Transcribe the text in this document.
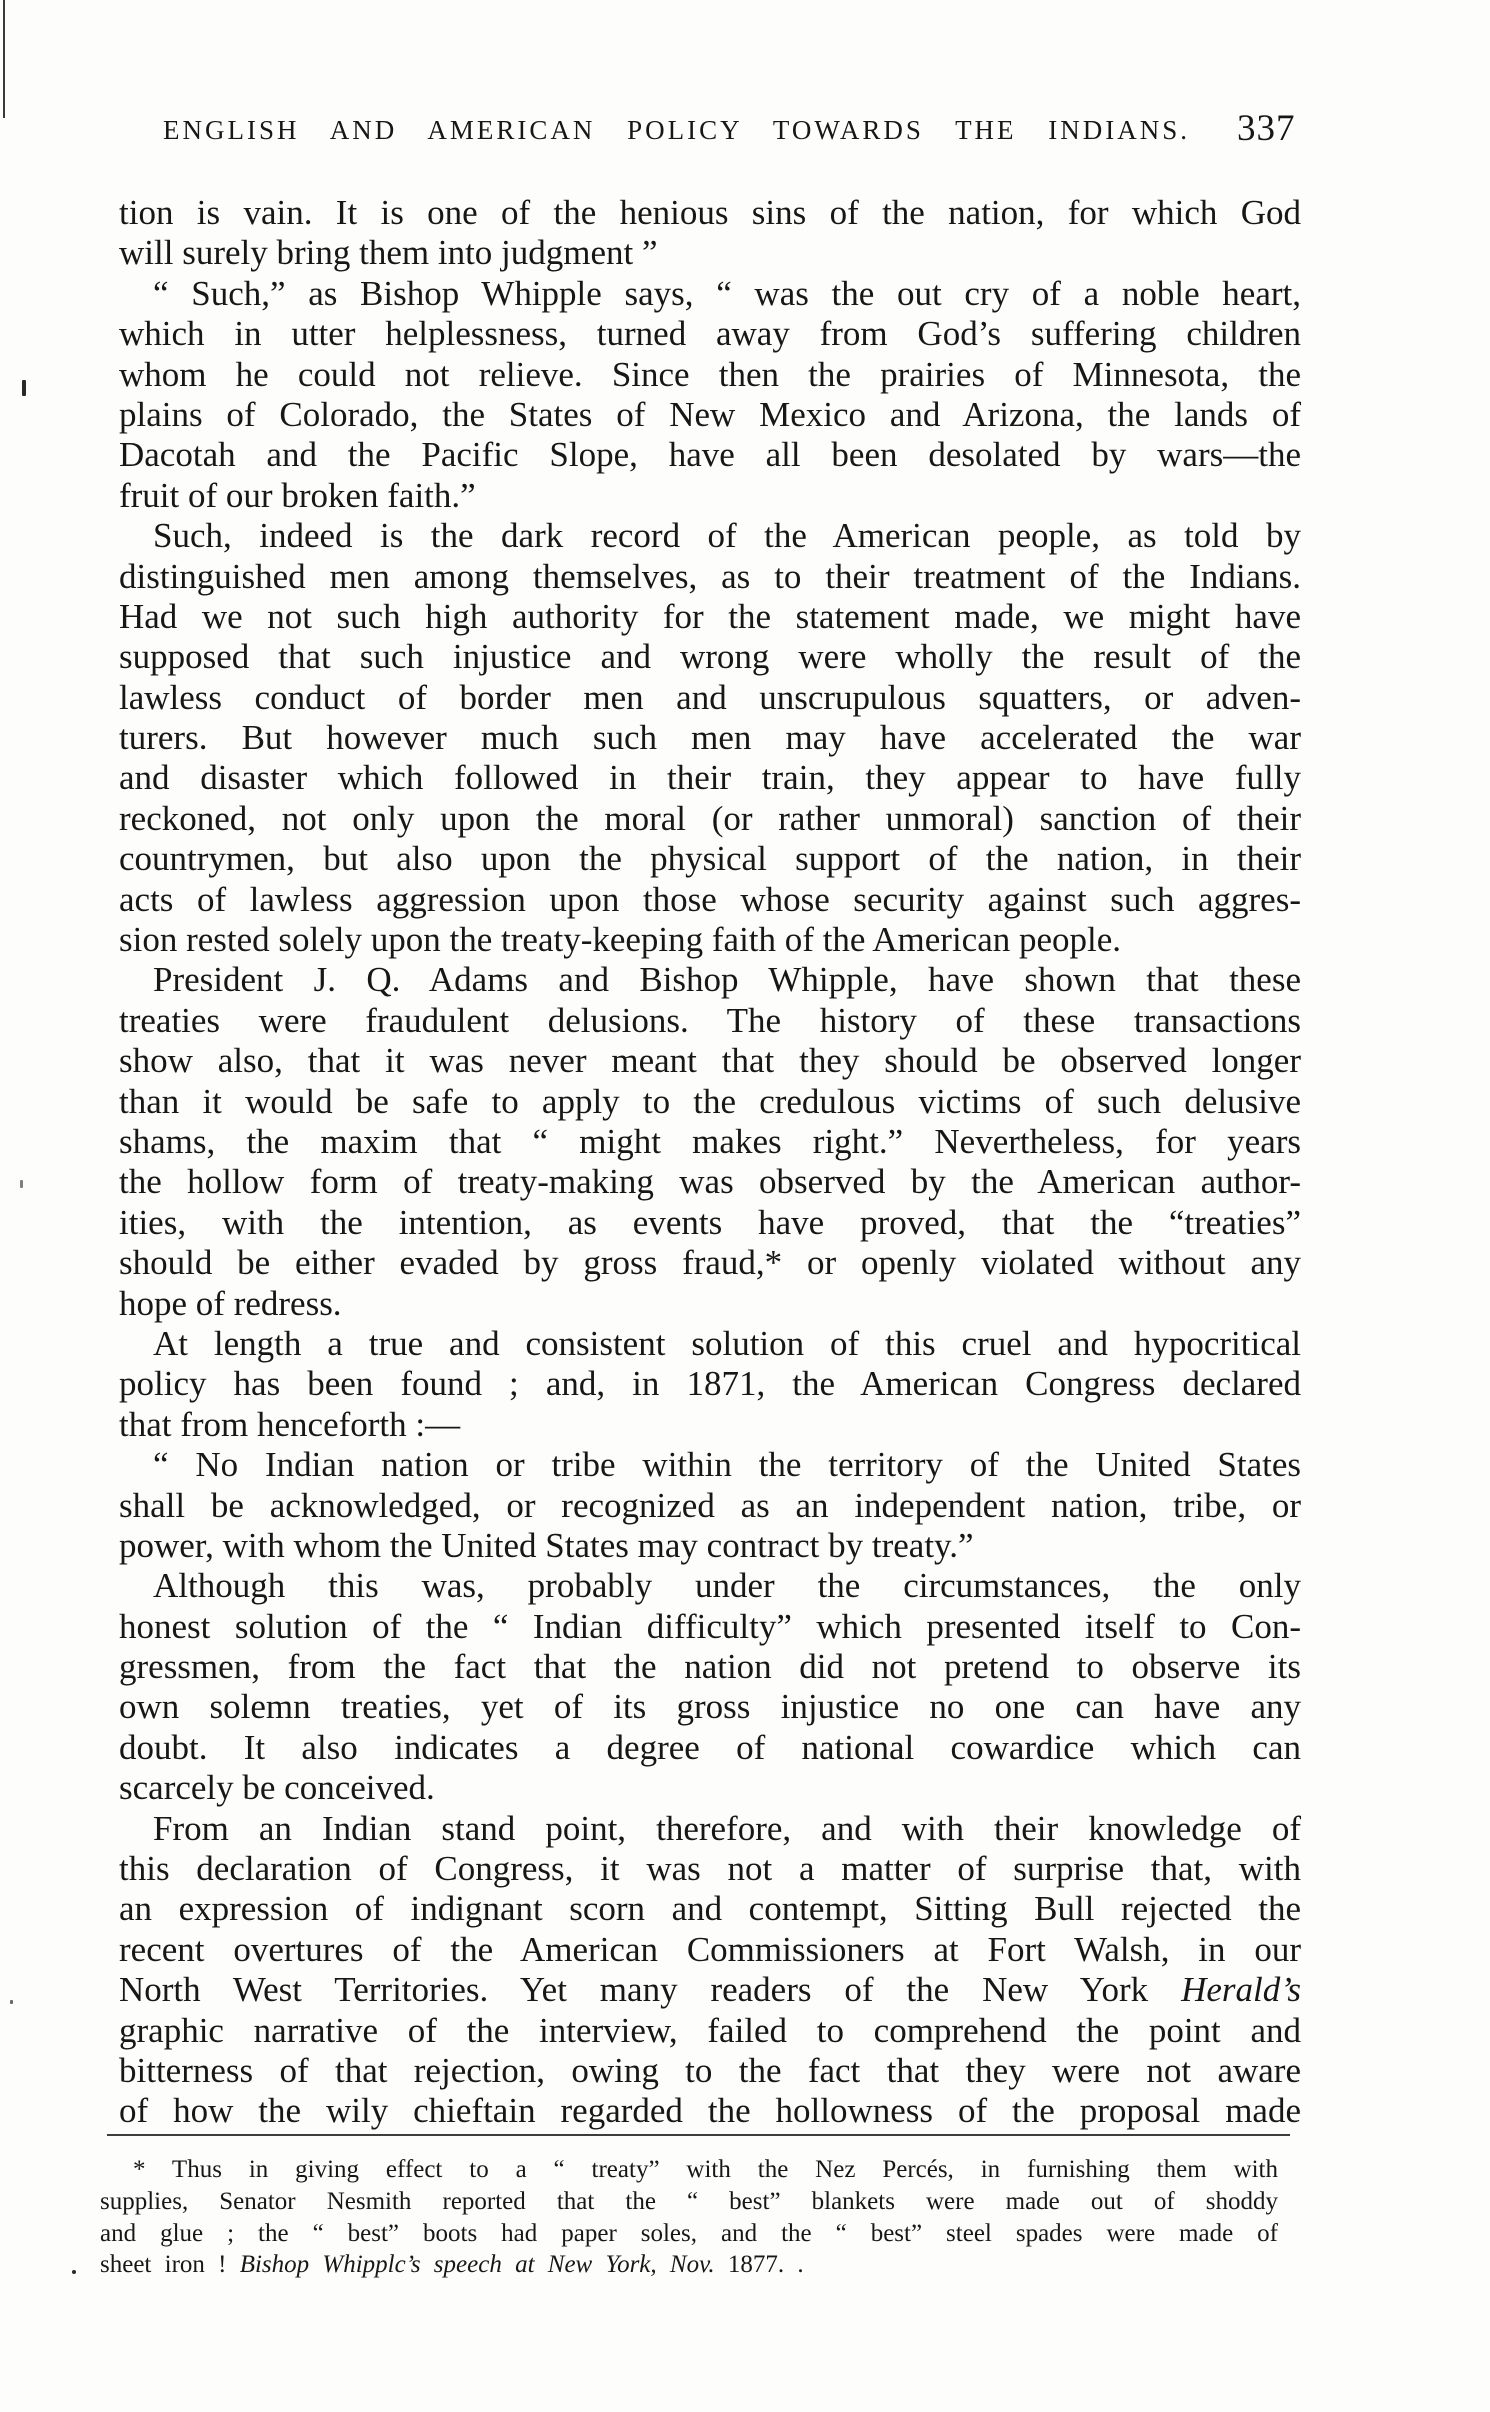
ENGLISH AND AMERICAN POLICY TOWARDS THE INDIANS. 337
tion is vain. It is one of the henious sins of the nation, for which God
will surely bring them into judgment ”
“ Such,” as Bishop Whipple says, “ was the out cry of a noble heart,
which in utter helplessness, turned away from God’s suffering children
whom he could not relieve. Since then the prairies of Minnesota, the
plains of Colorado, the States of New Mexico and Arizona, the lands of
Dacotah and the Pacific Slope, have all been desolated by wars—the
fruit of our broken faith.”
Such, indeed is the dark record of the American people, as told by
distinguished men among themselves, as to their treatment of the Indians.
Had we not such high authority for the statement made, we might have
supposed that such injustice and wrong were wholly the result of the
lawless conduct of border men and unscrupulous squatters, or adven-
turers. But however much such men may have accelerated the war
and disaster which followed in their train, they appear to have fully
reckoned, not only upon the moral (or rather unmoral) sanction of their
countrymen, but also upon the physical support of the nation, in their
acts of lawless aggression upon those whose security against such aggres-
sion rested solely upon the treaty-keeping faith of the American people.
President J. Q. Adams and Bishop Whipple, have shown that these
treaties were fraudulent delusions. The history of these transactions
show also, that it was never meant that they should be observed longer
than it would be safe to apply to the credulous victims of such delusive
shams, the maxim that “ might makes right.” Nevertheless, for years
the hollow form of treaty-making was observed by the American author-
ities, with the intention, as events have proved, that the “treaties”
should be either evaded by gross fraud,* or openly violated without any
hope of redress.
At length a true and consistent solution of this cruel and hypocritical
policy has been found ; and, in 1871, the American Congress declared
that from henceforth :—
“ No Indian nation or tribe within the territory of the United States
shall be acknowledged, or recognized as an independent nation, tribe, or
power, with whom the United States may contract by treaty.”
Although this was, probably under the circumstances, the only
honest solution of the “ Indian difficulty” which presented itself to Con-
gressmen, from the fact that the nation did not pretend to observe its
own solemn treaties, yet of its gross injustice no one can have any
doubt. It also indicates a degree of national cowardice which can
scarcely be conceived.
From an Indian stand point, therefore, and with their knowledge of
this declaration of Congress, it was not a matter of surprise that, with
an expression of indignant scorn and contempt, Sitting Bull rejected the
recent overtures of the American Commissioners at Fort Walsh, in our
North West Territories. Yet many readers of the New York Herald’s
graphic narrative of the interview, failed to comprehend the point and
bitterness of that rejection, owing to the fact that they were not aware
of how the wily chieftain regarded the hollowness of the proposal made
* Thus in giving effect to a “ treaty” with the Nez Percés, in furnishing them with
supplies, Senator Nesmith reported that the “ best” blankets were made out of shoddy
and glue ; the “ best” boots had paper soles, and the “ best” steel spades were made of
sheet iron ! Bishop Whipplc’s speech at New York, Nov. 1877. .
